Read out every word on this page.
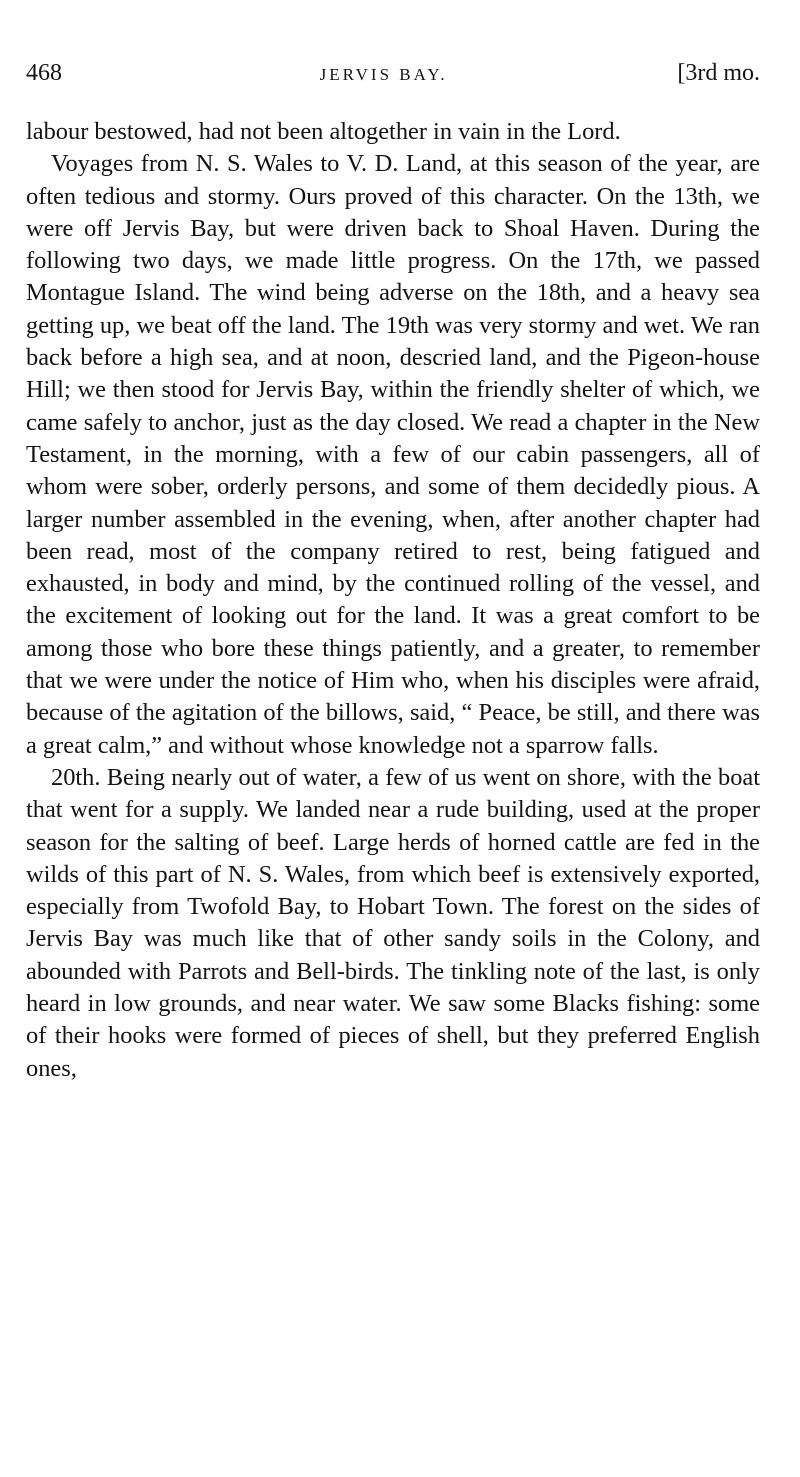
468	JERVIS BAY.	[3rd mo.

labour bestowed, had not been altogether in vain in the Lord.

Voyages from N. S. Wales to V. D. Land, at this season of the year, are often tedious and stormy. Ours proved of this character. On the 13th, we were off Jervis Bay, but were driven back to Shoal Haven. During the following two days, we made little progress. On the 17th, we passed Montague Island. The wind being adverse on the 18th, and a heavy sea getting up, we beat off the land. The 19th was very stormy and wet. We ran back before a high sea, and at noon, descried land, and the Pigeon-house Hill; we then stood for Jervis Bay, within the friendly shelter of which, we came safely to anchor, just as the day closed. We read a chapter in the New Testament, in the morning, with a few of our cabin passengers, all of whom were sober, orderly persons, and some of them decidedly pious. A larger number assembled in the evening, when, after another chapter had been read, most of the company retired to rest, being fatigued and exhausted, in body and mind, by the continued rolling of the vessel, and the excitement of looking out for the land. It was a great comfort to be among those who bore these things patiently, and a greater, to remember that we were under the notice of Him who, when his disciples were afraid, because of the agitation of the billows, said, “ Peace, be still, and there was a great calm,” and without whose knowledge not a sparrow falls.

20th. Being nearly out of water, a few of us went on shore, with the boat that went for a supply. We landed near a rude building, used at the proper season for the salting of beef. Large herds of horned cattle are fed in the wilds of this part of N. S. Wales, from which beef is extensively exported, especially from Twofold Bay, to Hobart Town. The forest on the sides of Jervis Bay was much like that of other sandy soils in the Colony, and abounded with Parrots and Bell-birds. The tinkling note of the last, is only heard in low grounds, and near water. We saw some Blacks fishing: some of their hooks were formed of pieces of shell, but they preferred English ones,
